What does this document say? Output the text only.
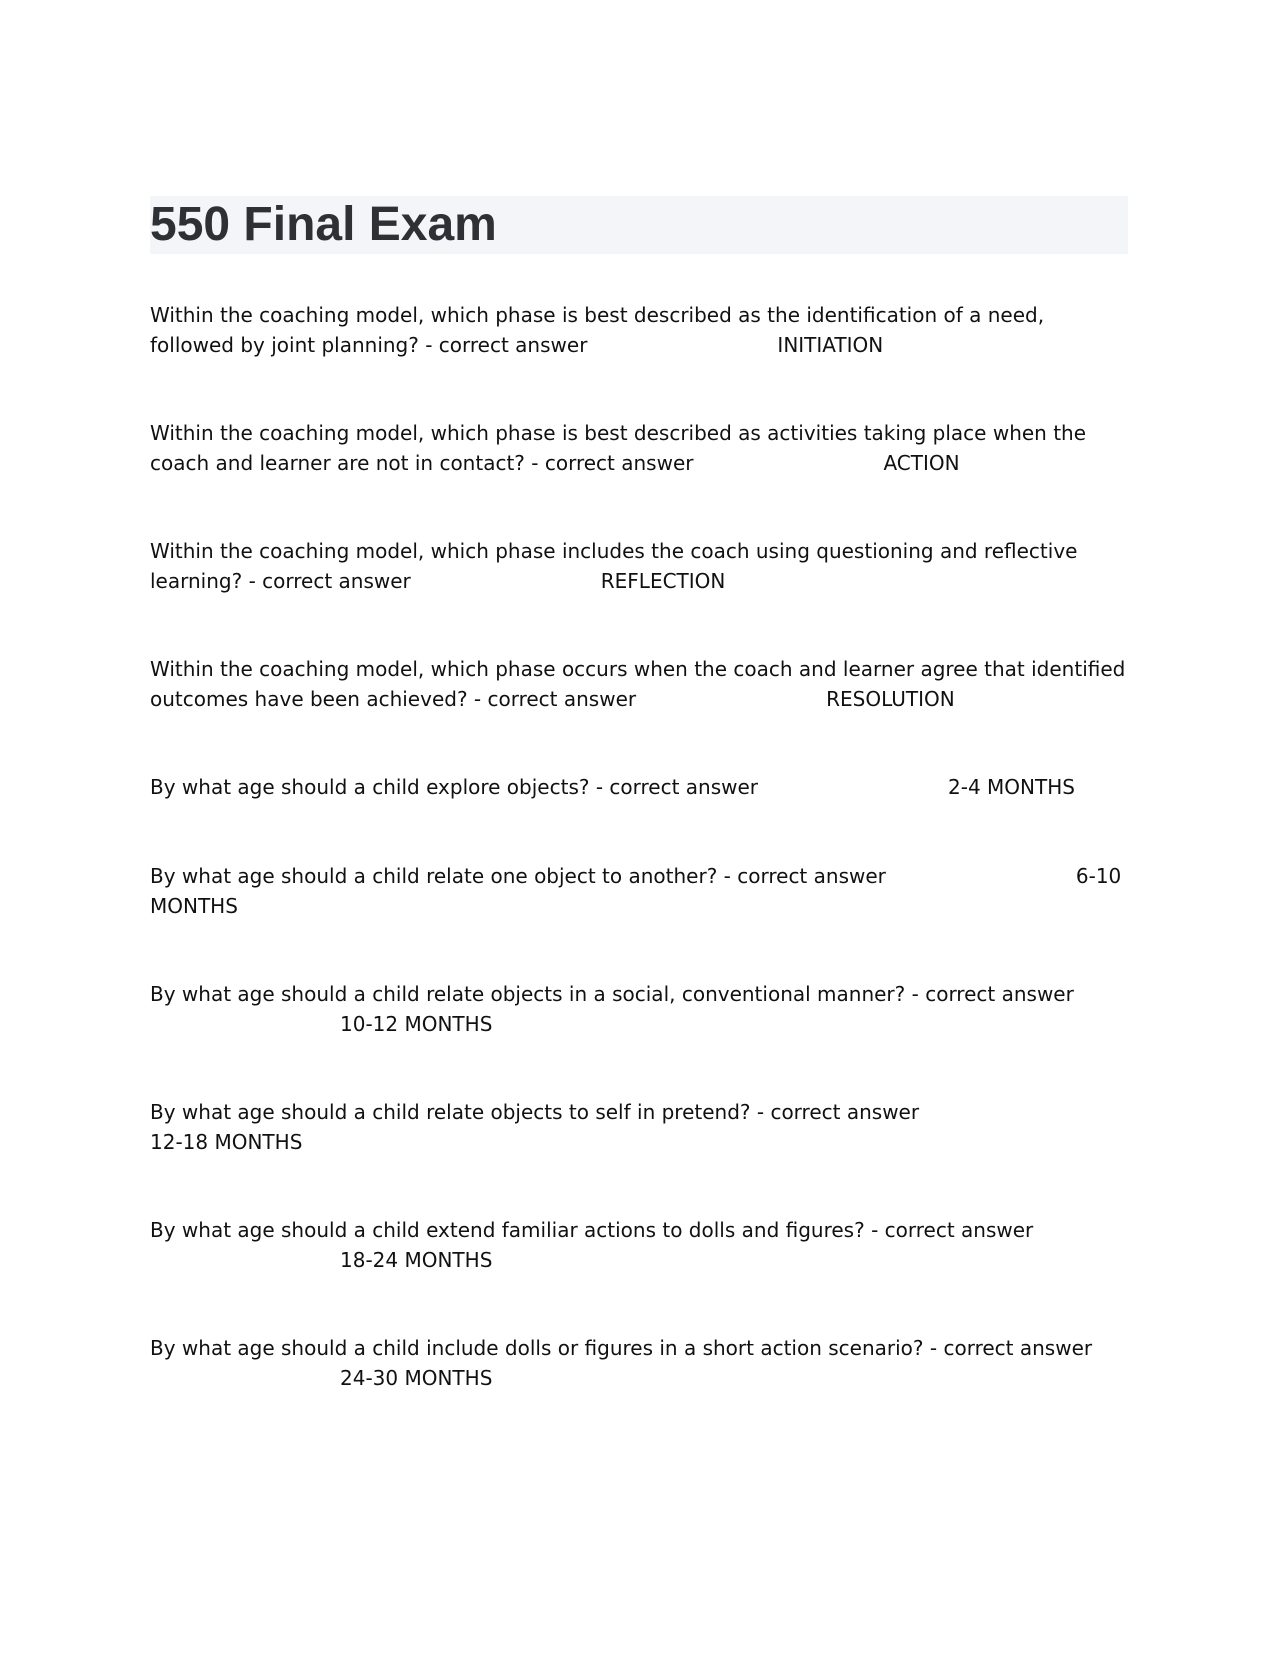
550 Final Exam
Within the coaching model, which phase is best described as the identification of a need, followed by joint planning? - correct answer	INITIATION
Within the coaching model, which phase is best described as activities taking place when the coach and learner are not in contact? - correct answer	ACTION
Within the coaching model, which phase includes the coach using questioning and reflective learning? - correct answer	REFLECTION
Within the coaching model, which phase occurs when the coach and learner agree that identified outcomes have been achieved? - correct answer	RESOLUTION
By what age should a child explore objects? - correct answer	2-4 MONTHS
By what age should a child relate one object to another? - correct answer	6-10 MONTHS
By what age should a child relate objects in a social, conventional manner? - correct answer10-12 MONTHS
By what age should a child relate objects to self in pretend? - correct answer12-18 MONTHS
By what age should a child extend familiar actions to dolls and figures? - correct answer18-24 MONTHS
By what age should a child include dolls or figures in a short action scenario? - correct answer24-30 MONTHS
